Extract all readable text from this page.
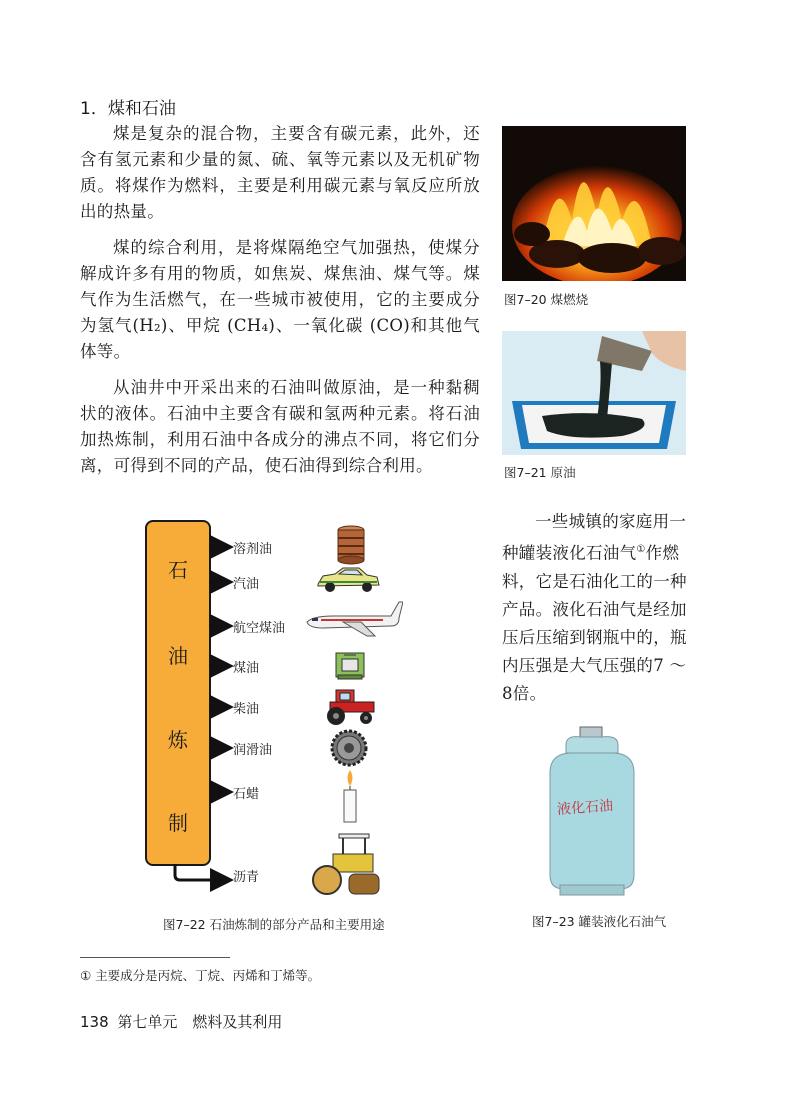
1．煤和石油

煤是复杂的混合物，主要含有碳元素，此外，还含有氢元素和少量的氮、硫、氧等元素以及无机矿物质。将煤作为燃料，主要是利用碳元素与氧反应所放出的热量。

煤的综合利用，是将煤隔绝空气加强热，使煤分解成许多有用的物质，如焦炭、煤焦油、煤气等。煤气作为生活燃气，在一些城市被使用，它的主要成分为氢气(H₂)、甲烷 (CH₄)、一氧化碳 (CO)和其他气体等。

从油井中开采出来的石油叫做原油，是一种黏稠状的液体。石油中主要含有碳和氢两种元素。将石油加热炼制，利用石油中各成分的沸点不同，将它们分离，可得到不同的产品，使石油得到综合利用。

图7–20 煤燃烧
图7–21 原油

一些城镇的家庭用一种罐装液化石油气①作燃料，它是石油化工的一种产品。液化石油气是经加压后压缩到钢瓶中的，瓶内压强是大气压强的7 ～ 8倍。

石
油
炼
制
溶剂油
汽油
航空煤油
煤油
柴油
润滑油
石蜡
沥青
图7–22 石油炼制的部分产品和主要用途
液化石油
图7–23 罐装液化石油气
① 主要成分是丙烷、丁烷、丙烯和丁烯等。
138 第七单元　燃料及其利用
